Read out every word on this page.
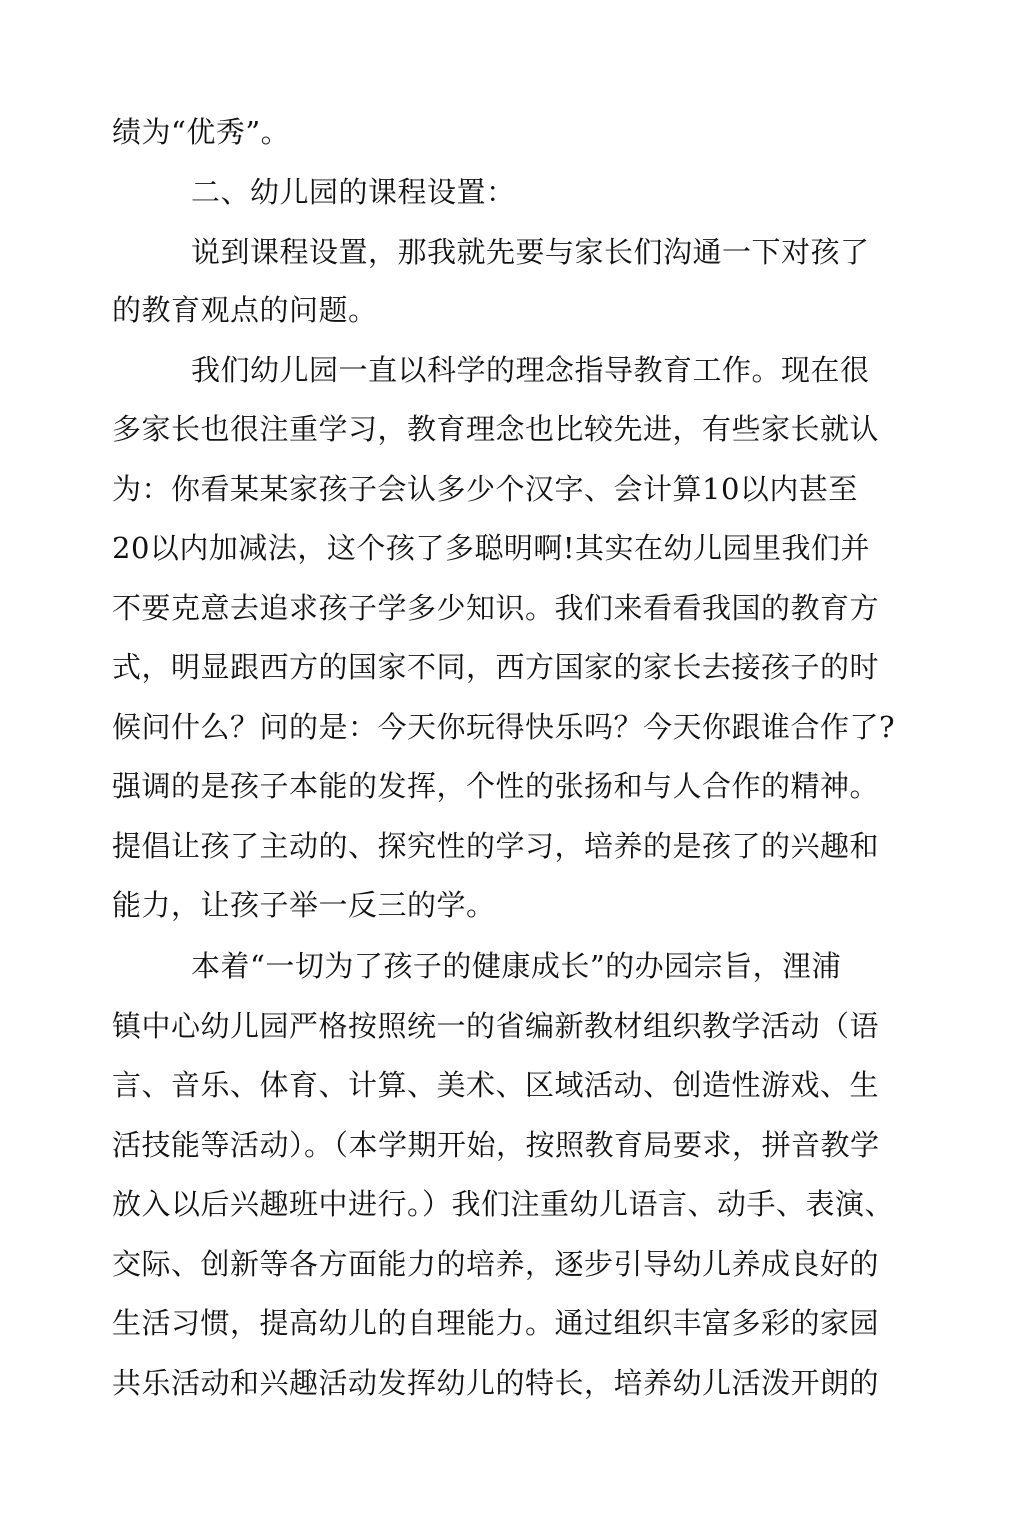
绩为“优秀”。
二、幼儿园的课程设置：
说到课程设置，那我就先要与家长们沟通一下对孩了
的教育观点的问题。
我们幼儿园一直以科学的理念指导教育工作。现在很
多家长也很注重学习，教育理念也比较先进，有些家长就认
为：你看某某家孩子会认多少个汉字、会计算10以内甚至
20以内加减法，这个孩了多聪明啊!其实在幼儿园里我们并
不要克意去追求孩子学多少知识。我们来看看我国的教育方
式，明显跟西方的国家不同，西方国家的家长去接孩子的时
候问什么？问的是：今天你玩得快乐吗？今天你跟谁合作了?
强调的是孩子本能的发挥，个性的张扬和与人合作的精神。
提倡让孩了主动的、探究性的学习，培养的是孩了的兴趣和
能力，让孩子举一反三的学。
本着“一切为了孩子的健康成长”的办园宗旨，浬浦
镇中心幼儿园严格按照统一的省编新教材组织教学活动（语
言、音乐、体育、计算、美术、区域活动、创造性游戏、生
活技能等活动）。（本学期开始，按照教育局要求，拼音教学
放入以后兴趣班中进行。）我们注重幼儿语言、动手、表演、
交际、创新等各方面能力的培养，逐步引导幼儿养成良好的
生活习惯，提高幼儿的自理能力。通过组织丰富多彩的家园
共乐活动和兴趣活动发挥幼儿的特长，培养幼儿活泼开朗的
